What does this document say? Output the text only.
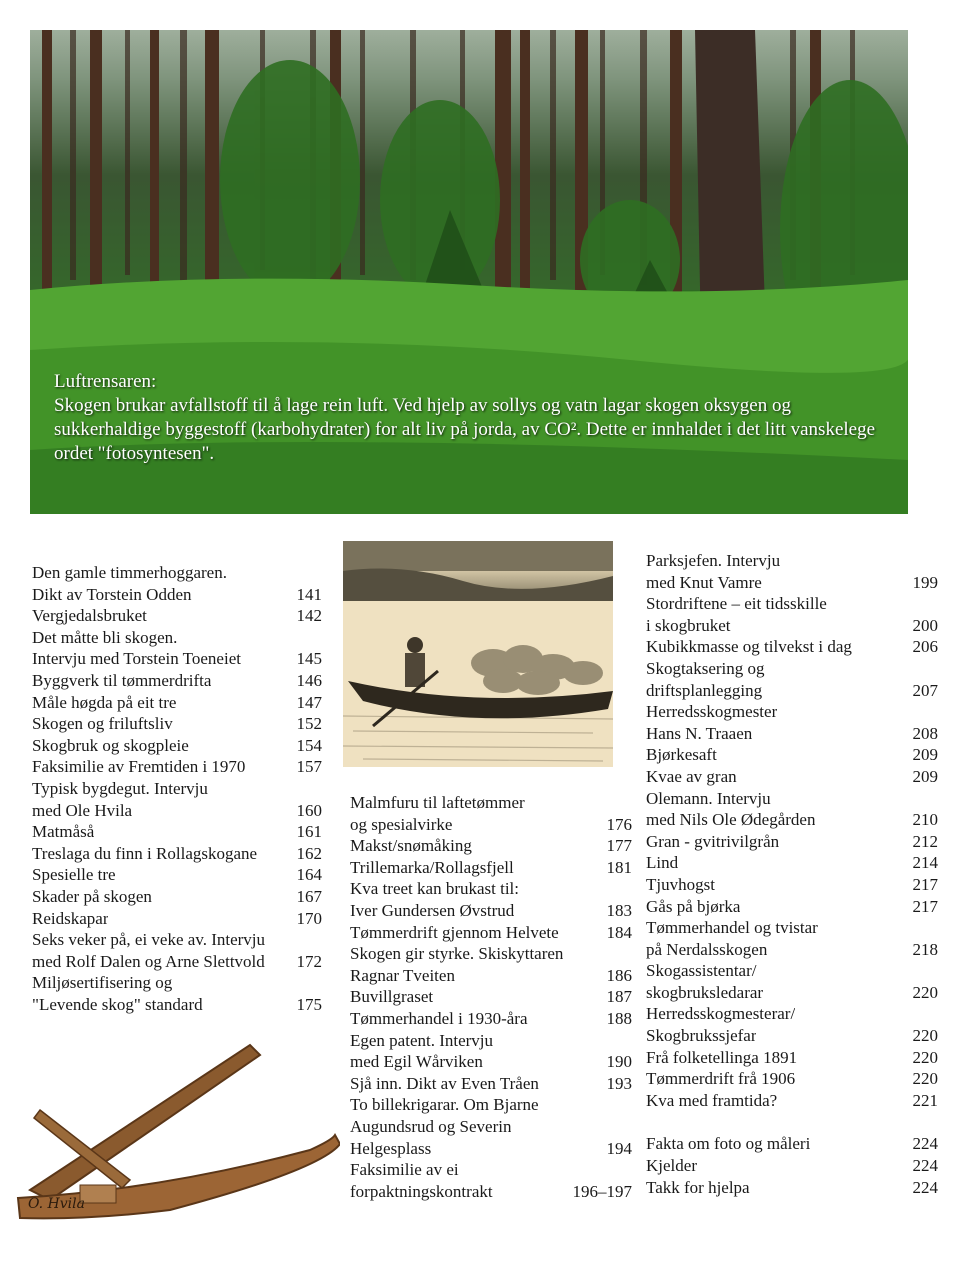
Luftrensaren:
Skogen brukar avfallstoff til å lage rein luft. Ved hjelp av sollys og vatn lagar skogen oksygen og sukkerhaldige byggestoff (karbohydrater) for alt liv på jorda, av CO². Dette er innhaldet i det litt vanskelege ordet "fotosyntesen".
Den gamle timmerhoggaren.
Dikt av Torstein Odden	141
Vergjedalsbruket	142
Det måtte bli skogen.
Intervju med Torstein Toeneiet	145
Byggverk til tømmerdrifta	146
Måle høgda på eit tre	147
Skogen og friluftsliv	152
Skogbruk og skogpleie	154
Faksimilie av Fremtiden i 1970	157
Typisk bygdegut. Intervju
med Ole Hvila	160
Matmåså	161
Treslaga du finn i Rollagskogane	162
Spesielle tre	164
Skader på skogen	167
Reidskapar	170
Seks veker på, ei veke av. Intervju
med Rolf Dalen og Arne Slettvold	172
Miljøsertifisering og
"Levende skog" standard	175
Malmfuru til laftetømmer
og spesialvirke	176
Makst/snømåking	177
Trillemarka/Rollagsfjell	181
Kva treet kan brukast til:
Iver Gundersen Øvstrud	183
Tømmerdrift gjennom Helvete	184
Skogen gir styrke. Skiskyttaren
Ragnar Tveiten	186
Buvillgraset	187
Tømmerhandel i 1930-åra	188
Egen patent. Intervju
med Egil Wårviken	190
Sjå inn. Dikt av Even Tråen	193
To billekrigarar. Om Bjarne
Augundsrud og Severin
Helgesplass	194
Faksimilie av ei
forpaktningskontrakt	196–197
Parksjefen. Intervju
med Knut Vamre	199
Stordriftene – eit tidsskille
i skogbruket	200
Kubikkmasse og tilvekst i dag	206
Skogtaksering og
driftsplanlegging	207
Herredsskogmester
Hans N. Traaen	208
Bjørkesaft	209
Kvae av gran	209
Olemann. Intervju
med Nils Ole Ødegården	210
Gran - gvitrivilgrån	212
Lind	214
Tjuvhogst	217
Gås på bjørka	217
Tømmerhandel og tvistar
på Nerdalsskogen	218
Skogassistentar/
skogbruksledarar	220
Herredsskogmesterar/
Skogbrukssjefar	220
Frå folketellinga 1891	220
Tømmerdrift frå 1906	220
Kva med framtida?	221
Fakta om foto og måleri	224
Kjelder	224
Takk for hjelpa	224
O. Hvila
